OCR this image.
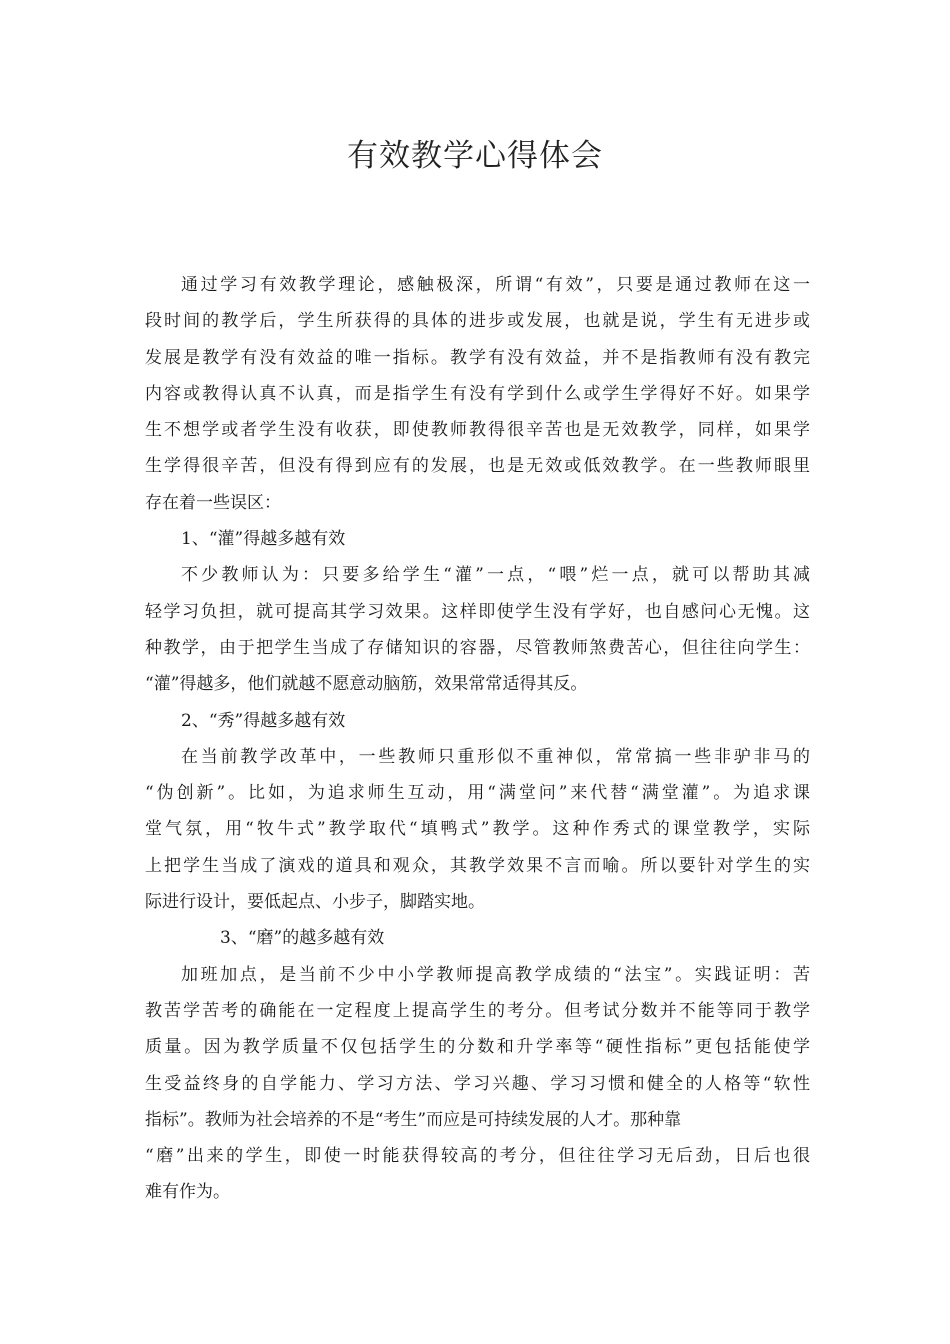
有效教学心得体会
通过学习有效教学理论，感触极深，所谓“有效”，只要是通过教师在这一
段时间的教学后，学生所获得的具体的进步或发展，也就是说，学生有无进步或
发展是教学有没有效益的唯一指标。教学有没有效益，并不是指教师有没有教完
内容或教得认真不认真，而是指学生有没有学到什么或学生学得好不好。如果学
生不想学或者学生没有收获，即使教师教得很辛苦也是无效教学，同样，如果学
生学得很辛苦，但没有得到应有的发展，也是无效或低效教学。在一些教师眼里
存在着一些误区：
1、“灌”得越多越有效
不少教师认为：只要多给学生“灌”一点，“喂”烂一点，就可以帮助其减
轻学习负担，就可提高其学习效果。这样即使学生没有学好，也自感问心无愧。这
种教学，由于把学生当成了存储知识的容器，尽管教师煞费苦心，但往往向学生：
“灌”得越多，他们就越不愿意动脑筋，效果常常适得其反。
2、“秀”得越多越有效
在当前教学改革中，一些教师只重形似不重神似，常常搞一些非驴非马的
“伪创新”。比如，为追求师生互动，用“满堂问”来代替“满堂灌”。为追求课
堂气氛，用“牧牛式”教学取代“填鸭式”教学。这种作秀式的课堂教学，实际
上把学生当成了演戏的道具和观众，其教学效果不言而喻。所以要针对学生的实
际进行设计，要低起点、小步子，脚踏实地。
3、“磨”的越多越有效
加班加点，是当前不少中小学教师提高教学成绩的“法宝”。实践证明：苦
教苦学苦考的确能在一定程度上提高学生的考分。但考试分数并不能等同于教学
质量。因为教学质量不仅包括学生的分数和升学率等“硬性指标”更包括能使学
生受益终身的自学能力、学习方法、学习兴趣、学习习惯和健全的人格等“软性
指标”。教师为社会培养的不是“考生”而应是可持续发展的人才。那种靠
“磨”出来的学生，即使一时能获得较高的考分，但往往学习无后劲，日后也很
难有作为。
